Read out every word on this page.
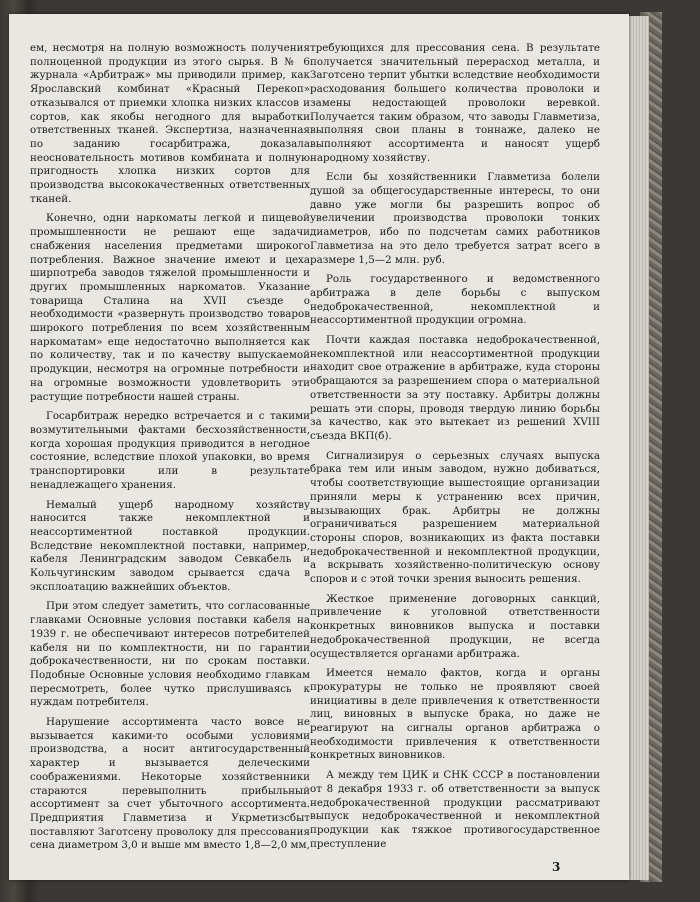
ем, несмотря на полную возможность получения полноценной продукции из этого сырья. В № 6 журнала «Арбитраж» мы приводили пример, как Ярославский комбинат «Красный Перекоп» отказывался от приемки хлопка низких классов и сортов, как якобы негодного для выработки ответственных тканей. Экспертиза, назначенная по заданию госарбитража, доказала неосновательность мотивов комбината и полную пригодность хлопка низких сортов для производства высококачественных ответственных тканей.

Конечно, одни наркоматы легкой и пищевой промышленности не решают еще задачи снабжения населения предметами широкого потребления. Важное значение имеют и цеха ширпотреба заводов тяжелой промышленности и других промышленных наркоматов. Указание товарища Сталина на XVII съезде о необходимости «развернуть производство товаров широкого потребления по всем хозяйственным наркоматам» еще недостаточно выполняется как по количеству, так и по качеству выпускаемой продукции, несмотря на огромные потребности и на огромные возможности удовлетворить эти растущие потребности нашей страны.

Госарбитраж нередко встречается и с такими возмутительными фактами бесхозяйственности, когда хорошая продукция приводится в негодное состояние, вследствие плохой упаковки, во время транспортировки или в результате ненадлежащего хранения.

Немалый ущерб народному хозяйству наносится также некомплектной и неассортиментной поставкой продукции. Вследствие некомплектной поставки, например, кабеля Ленинградским заводом Севкабель и Кольчугинским заводом срывается сдача в эксплоатацию важнейших объектов.

При этом следует заметить, что согласованные главками Основные условия поставки кабеля на 1939 г. не обеспечивают интересов потребителей кабеля ни по комплектности, ни по гарантии доброкачественности, ни по срокам поставки. Подобные Основные условия необходимо главкам пересмотреть, более чутко прислушиваясь к нуждам потребителя.

Нарушение ассортимента часто вовсе не вызывается какими-то особыми условиями производства, а носит антигосударственный характер и вызывается делеческими соображениями. Некоторые хозяйственники стараются перевыполнить прибыльный ассортимент за счет убыточного ассортимента. Предприятия Главметиза и Укрметизсбыт поставляют Заготсену проволоку для прессования сена диаметром 3,0 и выше мм вместо 1,8—2,0 мм,

требующихся для прессования сена. В результате получается значительный перерасход металла, и Заготсено терпит убытки вследствие необходимости расходования большего количества проволоки и замены недостающей проволоки веревкой. Получается таким образом, что заводы Главметиза, выполняя свои планы в тоннаже, далеко не выполняют ассортимента и наносят ущерб народному хозяйству.

Если бы хозяйственники Главметиза болели душой за общегосударственные интересы, то они давно уже могли бы разрешить вопрос об увеличении производства проволоки тонких диаметров, ибо по подсчетам самих работников Главметиза на это дело требуется затрат всего в размере 1,5—2 млн. руб.

Роль государственного и ведомственного арбитража в деле борьбы с выпуском недоброкачественной, некомплектной и неассортиментной продукции огромна.

Почти каждая поставка недоброкачественной, некомплектной или неассортиментной продукции находит свое отражение в арбитраже, куда стороны обращаются за разрешением спора о материальной ответственности за эту поставку. Арбитры должны решать эти споры, проводя твердую линию борьбы за качество, как это вытекает из решений XVIII съезда ВКП(б).

Сигнализируя о серьезных случаях выпуска брака тем или иным заводом, нужно добиваться, чтобы соответствующие вышестоящие организации приняли меры к устранению всех причин, вызывающих брак. Арбитры не должны ограничиваться разрешением материальной стороны споров, возникающих из факта поставки недоброкачественной и некомплектной продукции, а вскрывать хозяйственно-политическую основу споров и с этой точки зрения выносить решения.

Жесткое применение договорных санкций, привлечение к уголовной ответственности конкретных виновников выпуска и поставки недоброкачественной продукции, не всегда осуществляется органами арбитража.

Имеется немало фактов, когда и органы прокуратуры не только не проявляют своей инициативы в деле привлечения к ответственности лиц, виновных в выпуске брака, но даже не реагируют на сигналы органов арбитража о необходимости привлечения к ответственности конкретных виновников.

А между тем ЦИК и СНК СССР в постановлении от 8 декабря 1933 г. об ответственности за выпуск недоброкачественной продукции рассматривают выпуск недоброкачественной и некомплектной продукции как тяжкое противогосударственное преступление

3
